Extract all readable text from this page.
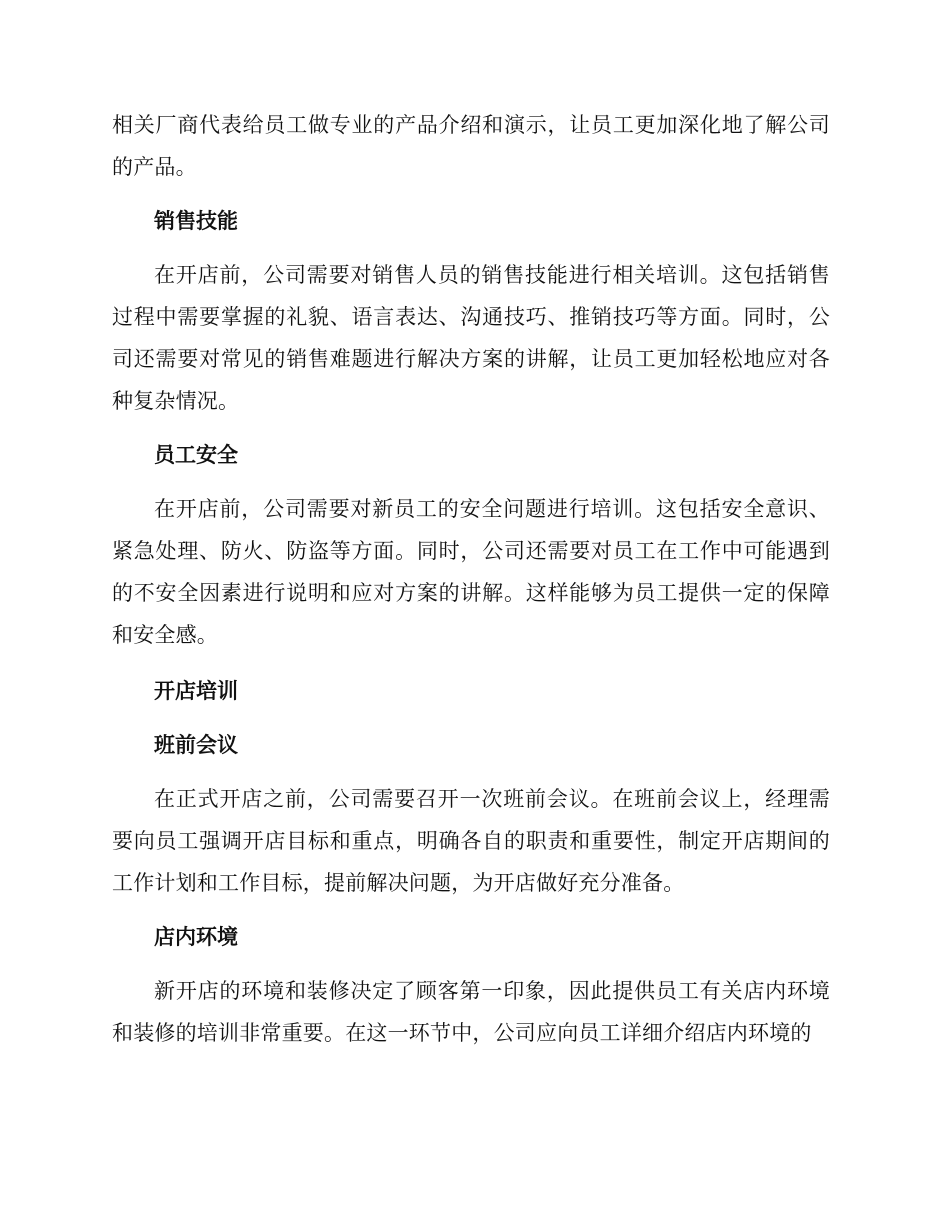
相关厂商代表给员工做专业的产品介绍和演示，让员工更加深化地了解公司的产品。

销售技能

在开店前，公司需要对销售人员的销售技能进行相关培训。这包括销售过程中需要掌握的礼貌、语言表达、沟通技巧、推销技巧等方面。同时，公司还需要对常见的销售难题进行解决方案的讲解，让员工更加轻松地应对各种复杂情况。

员工安全

在开店前，公司需要对新员工的安全问题进行培训。这包括安全意识、紧急处理、防火、防盗等方面。同时，公司还需要对员工在工作中可能遇到的不安全因素进行说明和应对方案的讲解。这样能够为员工提供一定的保障和安全感。

开店培训

班前会议

在正式开店之前，公司需要召开一次班前会议。在班前会议上，经理需要向员工强调开店目标和重点，明确各自的职责和重要性，制定开店期间的工作计划和工作目标，提前解决问题，为开店做好充分准备。

店内环境

新开店的环境和装修决定了顾客第一印象，因此提供员工有关店内环境和装修的培训非常重要。在这一环节中，公司应向员工详细介绍店内环境的
